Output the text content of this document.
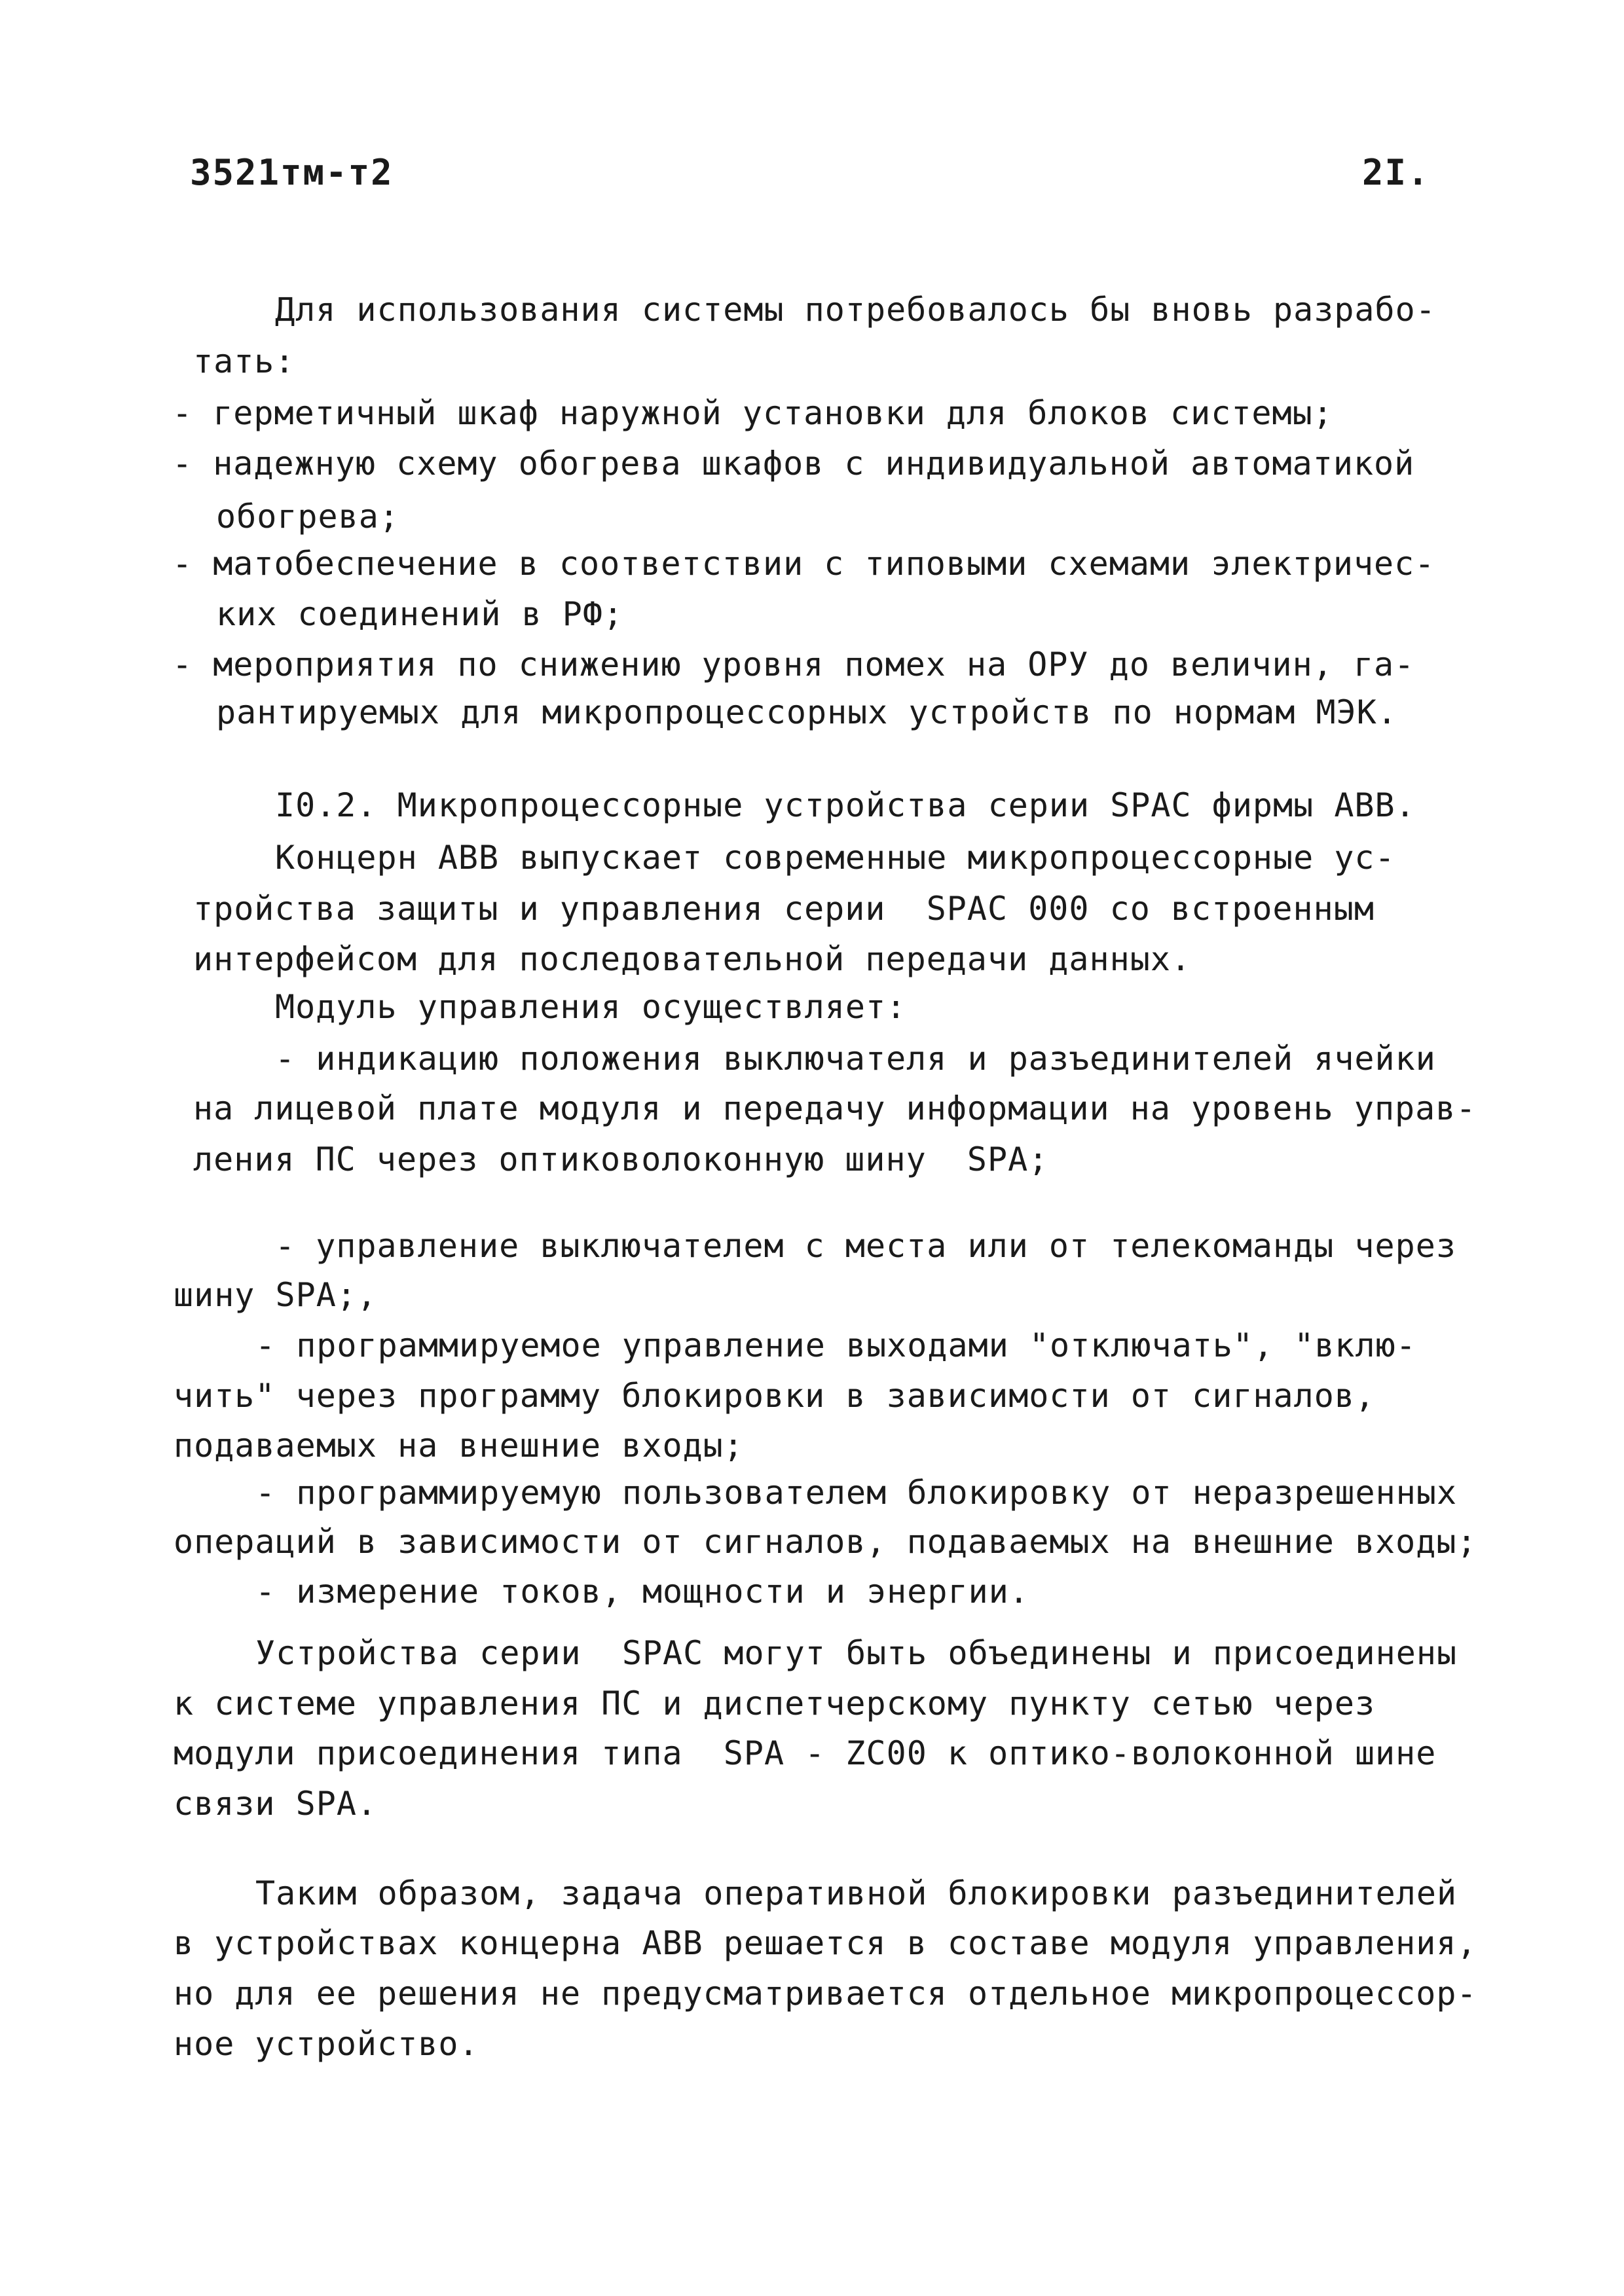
3521тм-т2	2I.
Для использования системы потребовалось бы вновь разрабо-
тать:
- герметичный шкаф наружной установки для блоков системы;
- надежную схему обогрева шкафов с индивидуальной автоматикой
обогрева;
- матобеспечение в соответствии с типовыми схемами электричес-
ких соединений в РФ;
- мероприятия по снижению уровня помех на ОРУ до величин, га-
рантируемых для микропроцессорных устройств по нормам МЭК.
I0.2. Микропроцессорные устройства серии SPAC фирмы АВВ.
Концерн АВВ выпускает современные микропроцессорные ус-
тройства защиты и управления серии  SPAC 000 со встроенным
интерфейсом для последовательной передачи данных.
Модуль управления осуществляет:
- индикацию положения выключателя и разъединителей ячейки
на лицевой плате модуля и передачу информации на уровень управ-
ления ПС через оптиковолоконную шину  SPA;
- управление выключателем с места или от телекоманды через
шину SPA;,
- программируемое управление выходами "отключать", "вклю-
чить" через программу блокировки в зависимости от сигналов,
подаваемых на внешние входы;
- программируемую пользователем блокировку от неразрешенных
операций в зависимости от сигналов, подаваемых на внешние входы;
- измерение токов, мощности и энергии.
Устройства серии  SPAC могут быть объединены и присоединены
к системе управления ПС и диспетчерскому пункту сетью через
модули присоединения типа  SPA - ZC00 к оптико-волоконной шине
связи SPA.
Таким образом, задача оперативной блокировки разъединителей
в устройствах концерна АВВ решается в составе модуля управления,
но для ее решения не предусматривается отдельное микропроцессор-
ное устройство.
